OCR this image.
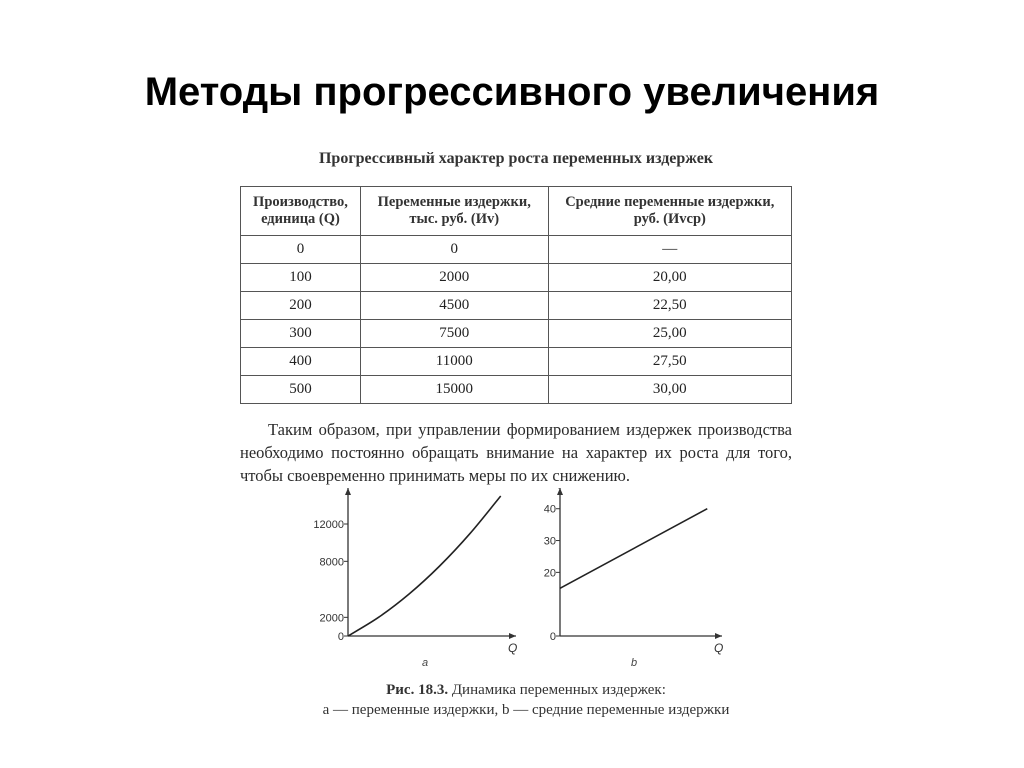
Методы прогрессивного увеличения
Прогрессивный характер роста переменных издержек
Производство, единица (Q)	Переменные издержки, тыс. руб. (Иv)	Средние переменные издержки, руб. (Иvср)
0	0	—
100	2000	20,00
200	4500	22,50
300	7500	25,00
400	11000	27,50
500	15000	30,00

Таким образом, при управлении формированием издержек производства необходимо постоянно обращать внимание на характер их роста для того, чтобы своевременно принимать меры по их снижению.

Q
12000
8000
2000
0
a
Q
40
30
20
0
b
Рис. 18.3. Динамика переменных издержек:
а — переменные издержки, b — средние переменные издержки
